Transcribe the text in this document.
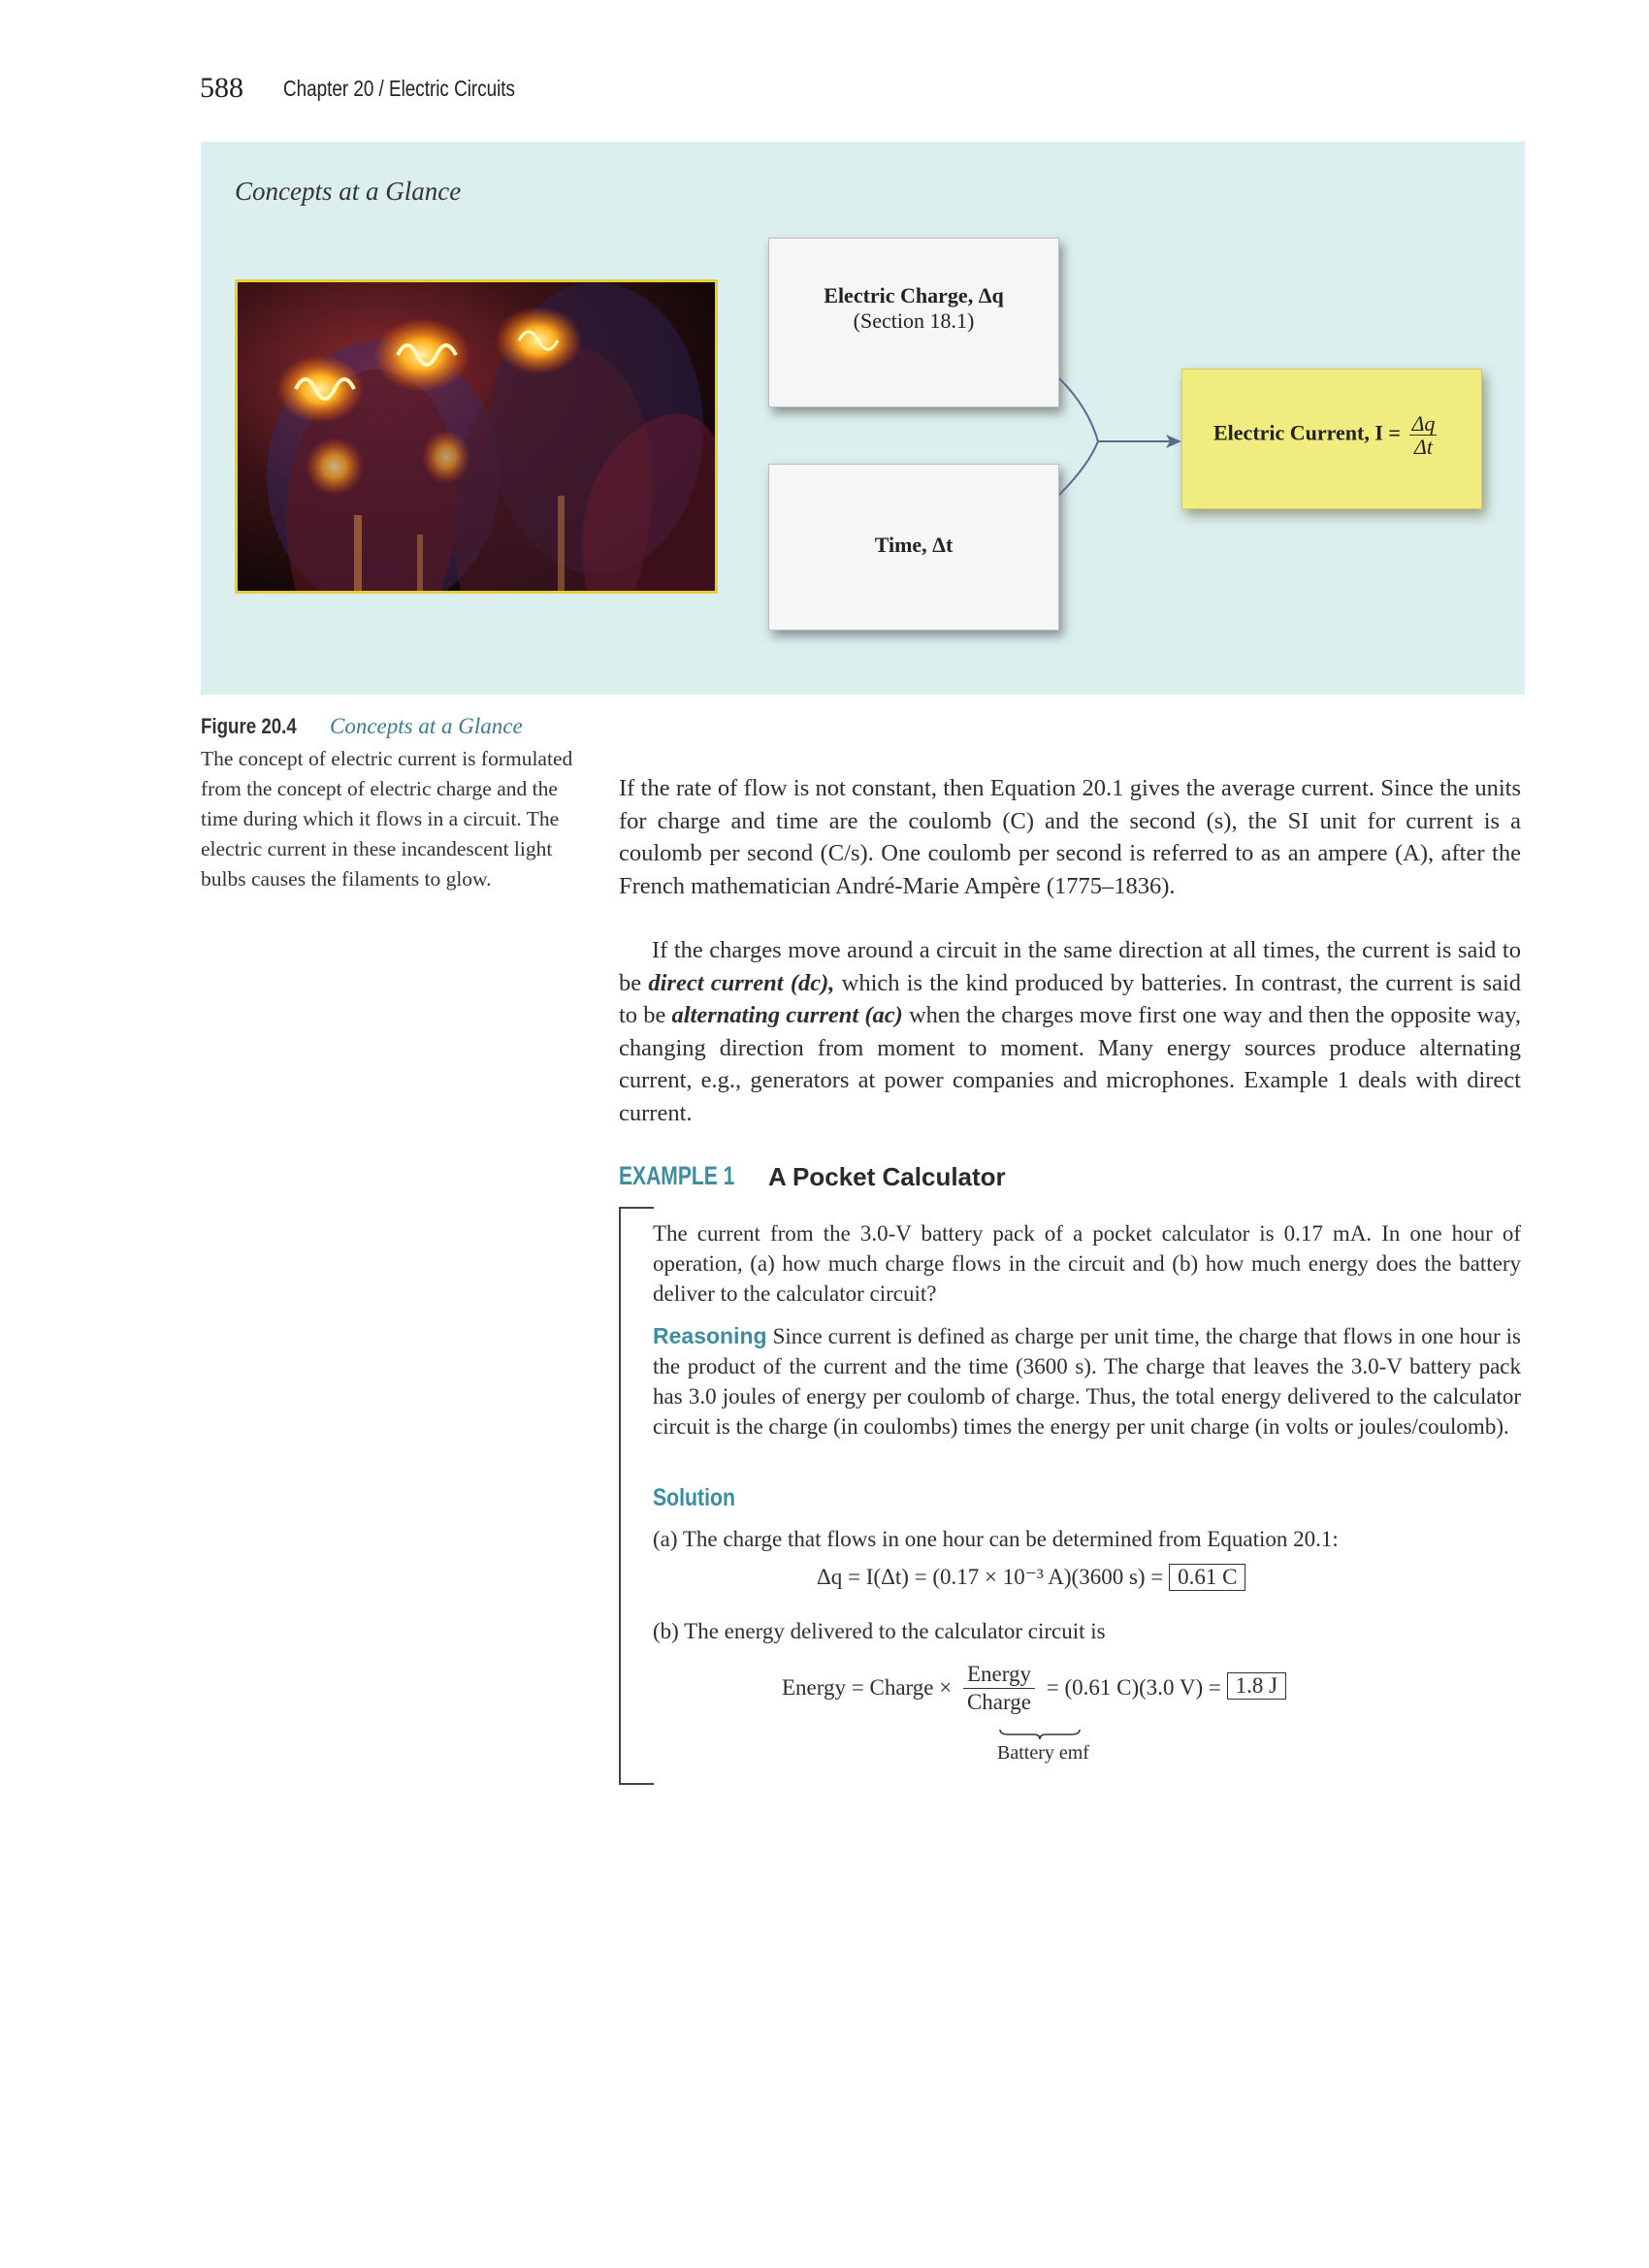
588 Chapter 20 / Electric Circuits
Concepts at a Glance
Electric Charge, Δq
(Section 18.1)
Time, Δt
Electric Current, $I = \frac{\Delta q}{\Delta t}$
Figure 20.4 Concepts at a Glance
The concept of electric current is formulated from the concept of electric charge and the time during which it flows in a circuit. The electric current in these incandescent light bulbs causes the filaments to glow.
If the rate of flow is not constant, then Equation 20.1 gives the average current. Since the units for charge and time are the coulomb (C) and the second (s), the SI unit for current is a coulomb per second (C/s). One coulomb per second is referred to as an ampere (A), after the French mathematician André-Marie Ampère (1775–1836).
If the charges move around a circuit in the same direction at all times, the current is said to be direct current (dc), which is the kind produced by batteries. In contrast, the current is said to be alternating current (ac) when the charges move first one way and then the opposite way, changing direction from moment to moment. Many energy sources produce alternating current, e.g., generators at power companies and microphones. Example 1 deals with direct current.
EXAMPLE 1 A Pocket Calculator
The current from the 3.0-V battery pack of a pocket calculator is 0.17 mA. In one hour of operation, (a) how much charge flows in the circuit and (b) how much energy does the battery deliver to the calculator circuit?
Reasoning Since current is defined as charge per unit time, the charge that flows in one hour is the product of the current and the time (3600 s). The charge that leaves the 3.0-V battery pack has 3.0 joules of energy per coulomb of charge. Thus, the total energy delivered to the calculator circuit is the charge (in coulombs) times the energy per unit charge (in volts or joules/coulomb).
Solution
(a) The charge that flows in one hour can be determined from Equation 20.1:
Δq = I(Δt) = (0.17 × 10⁻³ A)(3600 s) = 0.61 C
(b) The energy delivered to the calculator circuit is
Energy = Charge × $\frac{\text{Energy}}{\text{Charge}} = (0.61$ C)(3.0 V) = 1.8 J
Battery emf
